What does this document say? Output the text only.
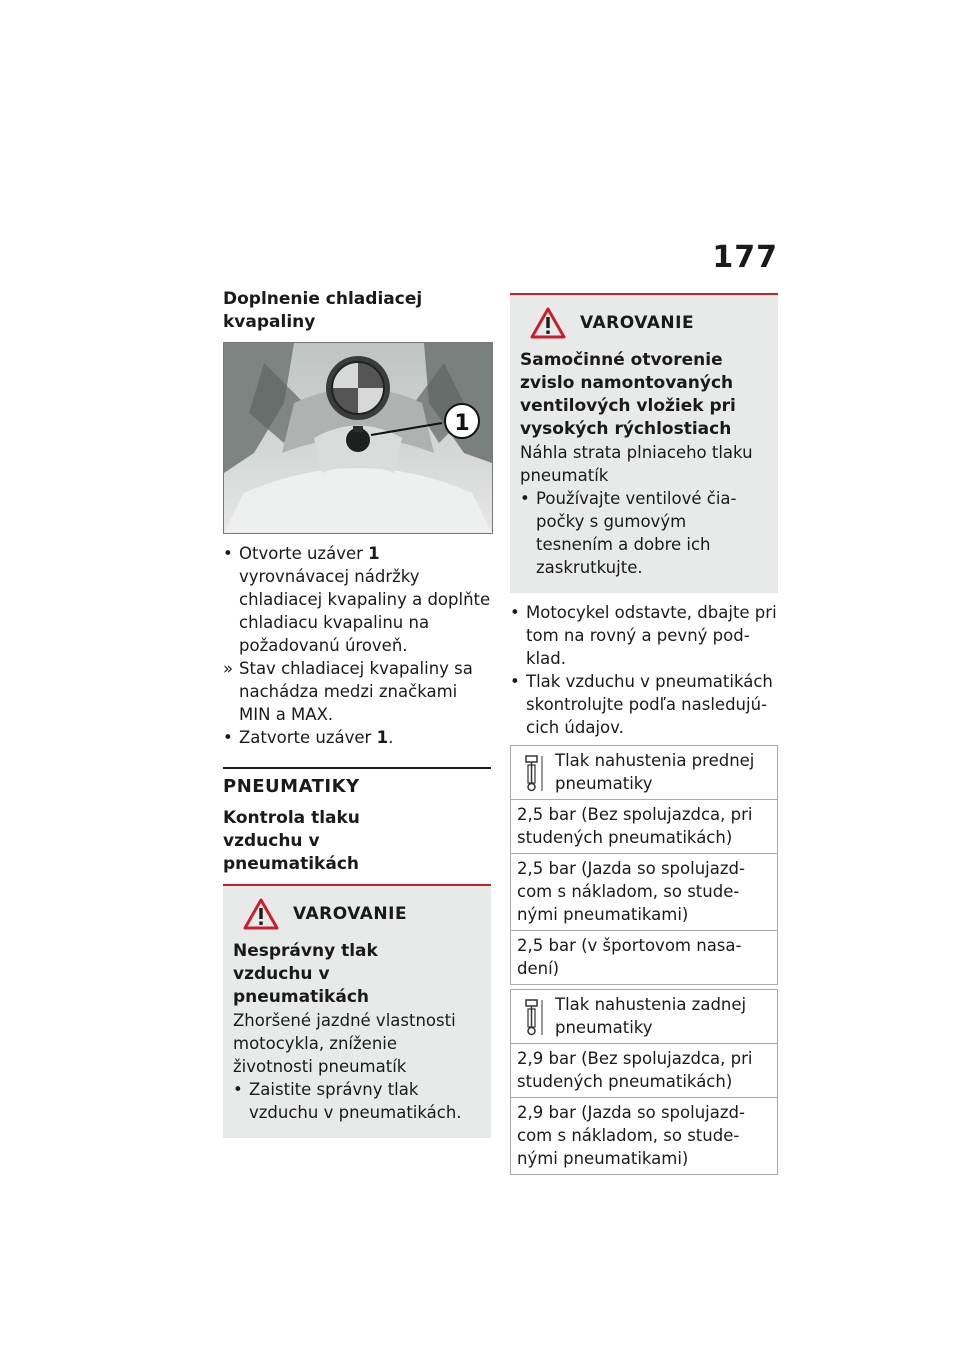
177
Doplnenie chladiacej kvapaliny
1

• Otvorte uzáver 1 vyrovnávacej nádržky chladiacej kvapaliny a doplňte chladiacu kvapalinu na požadovanú úroveň.

» Stav chladiacej kvapaliny sa nachádza medzi značkami MIN a MAX.

• Zatvorte uzáver 1.

PNEUMATIKY
Kontrola tlaku vzduchu v pneumatikách
VAROVANIE
Nesprávny tlak vzduchu v pneumatikách
Zhoršené jazdné vlastnosti motocykla, zníženie životnosti pneumatík

• Zaistite správny tlak vzduchu v pneumatikách.

VAROVANIE
Samočinné otvorenie zvislo namontovaných ventilových vložiek pri vysokých rýchlostiach
Náhla strata plniaceho tlaku pneumatík

• Používajte ventilové čiapočky s gumovým tesnením a dobre ich zaskrutkujte.

• Motocykel odstavte, dbajte pri tom na rovný a pevný podklad.

• Tlak vzduchu v pneumatikách skontrolujte podľa nasledujúcich údajov.

Tlak nahustenia prednej pneumatiky

2,5 bar (Bez spolujazdca, pri studených pneumatikách)
2,5 bar (Jazda so spolujazdcom s nákladom, so studenými pneumatikami)
2,5 bar (v športovom nasadení)
Tlak nahustenia zadnej pneumatiky

2,9 bar (Bez spolujazdca, pri studených pneumatikách)
2,9 bar (Jazda so spolujazdcom s nákladom, so studenými pneumatikami)
